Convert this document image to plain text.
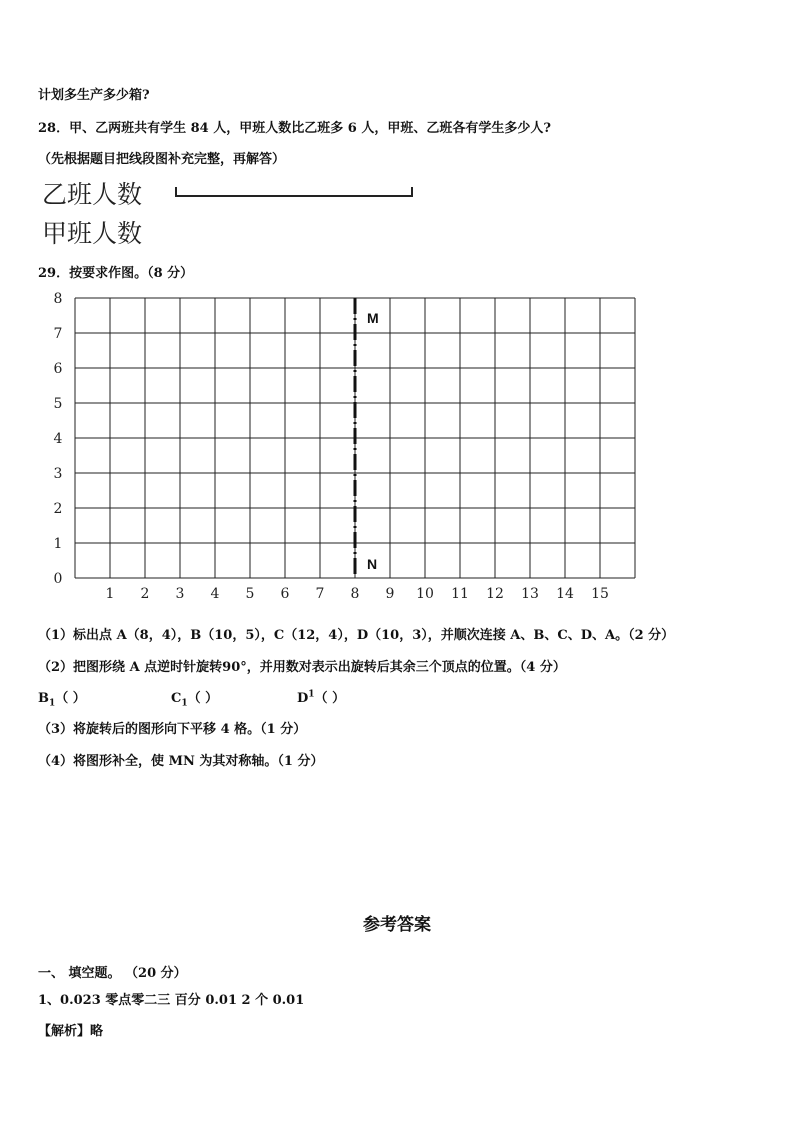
计划多生产多少箱?
28．甲、乙两班共有学生 84 人，甲班人数比乙班多 6 人，甲班、乙班各有学生多少人?
（先根据题目把线段图补充完整，再解答）
乙班人数
甲班人数
29．按要求作图。（8 分）
M
N
1 2 3 4 5 6 7 8 9 10 11 12 13 14 15
0
1
2
3
4
5
6
7
8
（1）标出点 A（8，4），B（10，5），C（12，4），D（10，3），并顺次连接 A、B、C、D、A。（2 分）
（2）把图形绕 A 点逆时针旋转90°，并用数对表示出旋转后其余三个顶点的位置。（4 分）
$B_1$（ ）	$C_1$（ ）	$D^1$（ ）
（3）将旋转后的图形向下平移 4 格。（1 分）
（4）将图形补全，使 MN 为其对称轴。（1 分）
参考答案
一、 填空题。 （20 分）
1、0.023 零点零二三 百分 0.01 2 个 0.01
【解析】略
